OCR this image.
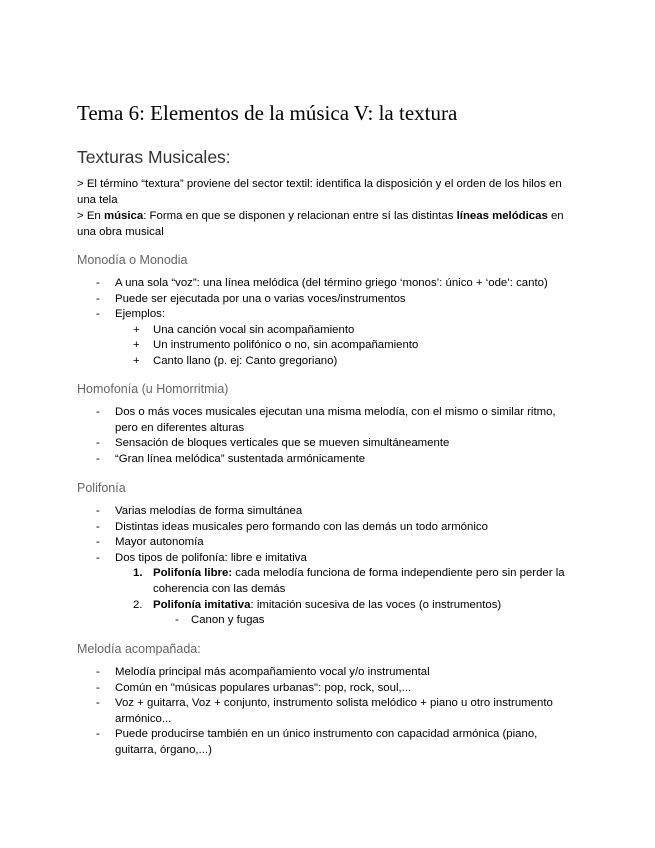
Tema 6: Elementos de la música V: la textura
Texturas Musicales:

> El término “textura” proviene del sector textil: identifica la disposición y el orden de los hilos en una tela

> En música: Forma en que se disponen y relacionan entre sí las distintas líneas melódicas en una obra musical

Monodía o Monodia
- A una sola “voz”: una línea melódica (del término griego ‘monos’: único + ‘ode’: canto)
- Puede ser ejecutada por una o varias voces/instrumentos
- Ejemplos:
+ Una canción vocal sin acompañamiento
+ Un instrumento polifónico o no, sin acompañamiento
+ Canto llano (p. ej: Canto gregoriano)
Homofonía (u Homorritmia)
- Dos o más voces musicales ejecutan una misma melodía, con el mismo o similar ritmo, pero en diferentes alturas
- Sensación de bloques verticales que se mueven simultáneamente
- “Gran línea melódica” sustentada armónicamente
Polifonía
- Varias melodías de forma simultánea
- Distintas ideas musicales pero formando con las demás un todo armónico
- Mayor autonomía
- Dos tipos de polifonía: libre e imitativa
1. Polifonía libre: cada melodía funciona de forma independiente pero sin perder la coherencia con las demás
2. Polifonía imitativa: imitación sucesiva de las voces (o instrumentos)
- Canon y fugas
Melodía acompañada:
- Melodía principal más acompañamiento vocal y/o instrumental
- Común en "músicas populares urbanas": pop, rock, soul,...
- Voz + guitarra, Voz + conjunto, instrumento solista melódico + piano u otro instrumento armónico...
- Puede producirse también en un único instrumento con capacidad armónica (piano, guitarra, órgano,...)
